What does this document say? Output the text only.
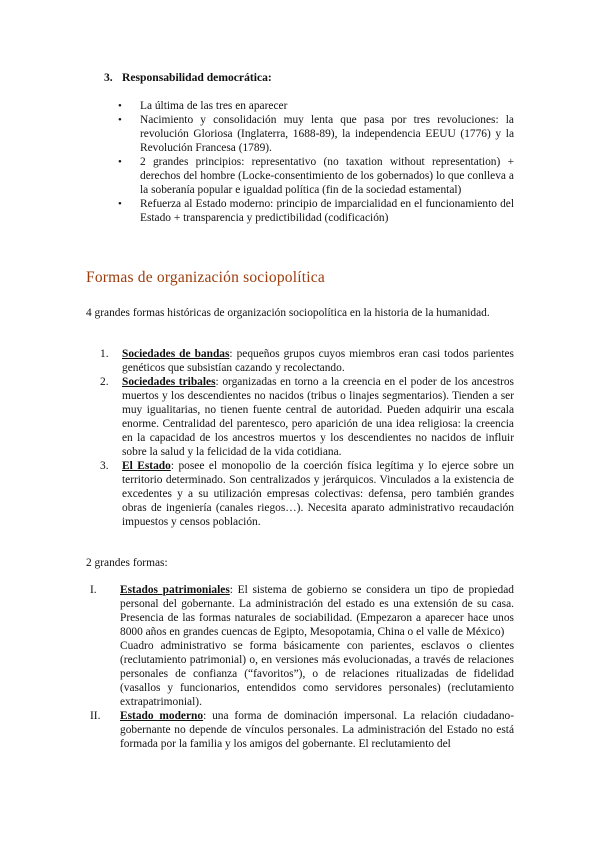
3. Responsabilidad democrática:

• La última de las tres en aparecer
• Nacimiento y consolidación muy lenta que pasa por tres revoluciones: la revolución Gloriosa (Inglaterra, 1688-89), la independencia EEUU (1776) y la Revolución Francesa (1789).
• 2 grandes principios: representativo (no taxation without representation) + derechos del hombre (Locke-consentimiento de los gobernados) lo que conlleva a la soberanía popular e igualdad política (fin de la sociedad estamental)
• Refuerza al Estado moderno: principio de imparcialidad en el funcionamiento del Estado + transparencia y predictibilidad (codificación)
Formas de organización sociopolítica

4 grandes formas históricas de organización sociopolítica en la historia de la humanidad.

1. Sociedades de bandas: pequeños grupos cuyos miembros eran casi todos parientes genéticos que subsistían cazando y recolectando.
2. Sociedades tribales: organizadas en torno a la creencia en el poder de los ancestros muertos y los descendientes no nacidos (tribus o linajes segmentarios). Tienden a ser muy igualitarias, no tienen fuente central de autoridad. Pueden adquirir una escala enorme. Centralidad del parentesco, pero aparición de una idea religiosa: la creencia en la capacidad de los ancestros muertos y los descendientes no nacidos de influir sobre la salud y la felicidad de la vida cotidiana.
3. El Estado: posee el monopolio de la coerción física legítima y lo ejerce sobre un territorio determinado. Son centralizados y jerárquicos. Vinculados a la existencia de excedentes y a su utilización empresas colectivas: defensa, pero también grandes obras de ingeniería (canales riegos…). Necesita aparato administrativo recaudación impuestos y censos población.

2 grandes formas:

I. Estados patrimoniales: El sistema de gobierno se considera un tipo de propiedad personal del gobernante. La administración del estado es una extensión de su casa. Presencia de las formas naturales de sociabilidad. (Empezaron a aparecer hace unos 8000 años en grandes cuencas de Egipto, Mesopotamia, China o el valle de México)
Cuadro administrativo se forma básicamente con parientes, esclavos o clientes (reclutamiento patrimonial) o, en versiones más evolucionadas, a través de relaciones personales de confianza (“favoritos”), o de relaciones ritualizadas de fidelidad (vasallos y funcionarios, entendidos como servidores personales) (reclutamiento extrapatrimonial).
II. Estado moderno: una forma de dominación impersonal. La relación ciudadano-gobernante no depende de vínculos personales. La administración del Estado no está formada por la familia y los amigos del gobernante. El reclutamiento del
